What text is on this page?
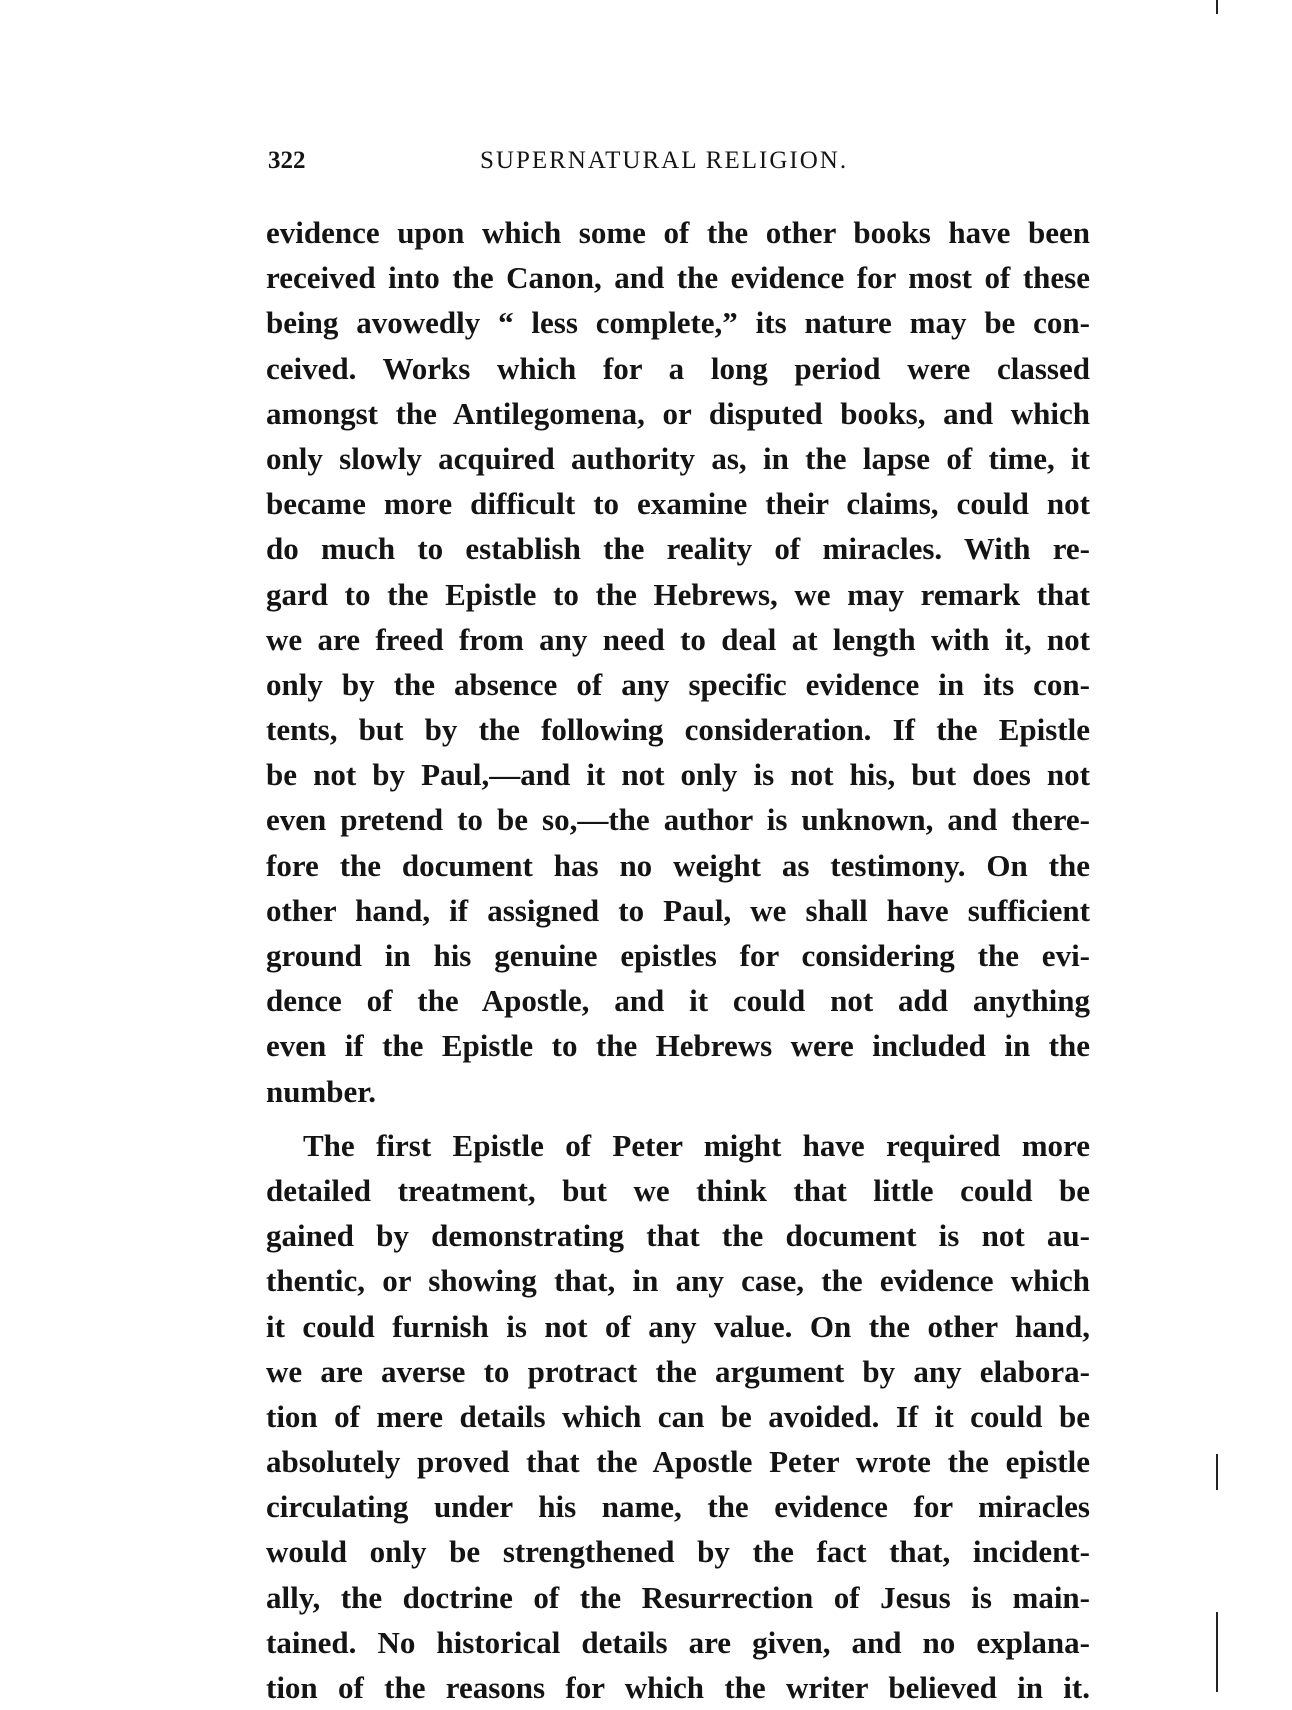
322	SUPERNATURAL RELIGION.
evidence upon which some of the other books have been
received into the Canon, and the evidence for most of these
being avowedly “ less complete,” its nature may be con-
ceived. Works which for a long period were classed
amongst the Antilegomena, or disputed books, and which
only slowly acquired authority as, in the lapse of time, it
became more difficult to examine their claims, could not
do much to establish the reality of miracles. With re-
gard to the Epistle to the Hebrews, we may remark that
we are freed from any need to deal at length with it, not
only by the absence of any specific evidence in its con-
tents, but by the following consideration. If the Epistle
be not by Paul,—and it not only is not his, but does not
even pretend to be so,—the author is unknown, and there-
fore the document has no weight as testimony. On the
other hand, if assigned to Paul, we shall have sufficient
ground in his genuine epistles for considering the evi-
dence of the Apostle, and it could not add anything
even if the Epistle to the Hebrews were included in the
number.
The first Epistle of Peter might have required more
detailed treatment, but we think that little could be
gained by demonstrating that the document is not au-
thentic, or showing that, in any case, the evidence which
it could furnish is not of any value. On the other hand,
we are averse to protract the argument by any elabora-
tion of mere details which can be avoided. If it could be
absolutely proved that the Apostle Peter wrote the epistle
circulating under his name, the evidence for miracles
would only be strengthened by the fact that, incident-
ally, the doctrine of the Resurrection of Jesus is main-
tained. No historical details are given, and no explana-
tion of the reasons for which the writer believed in it.
